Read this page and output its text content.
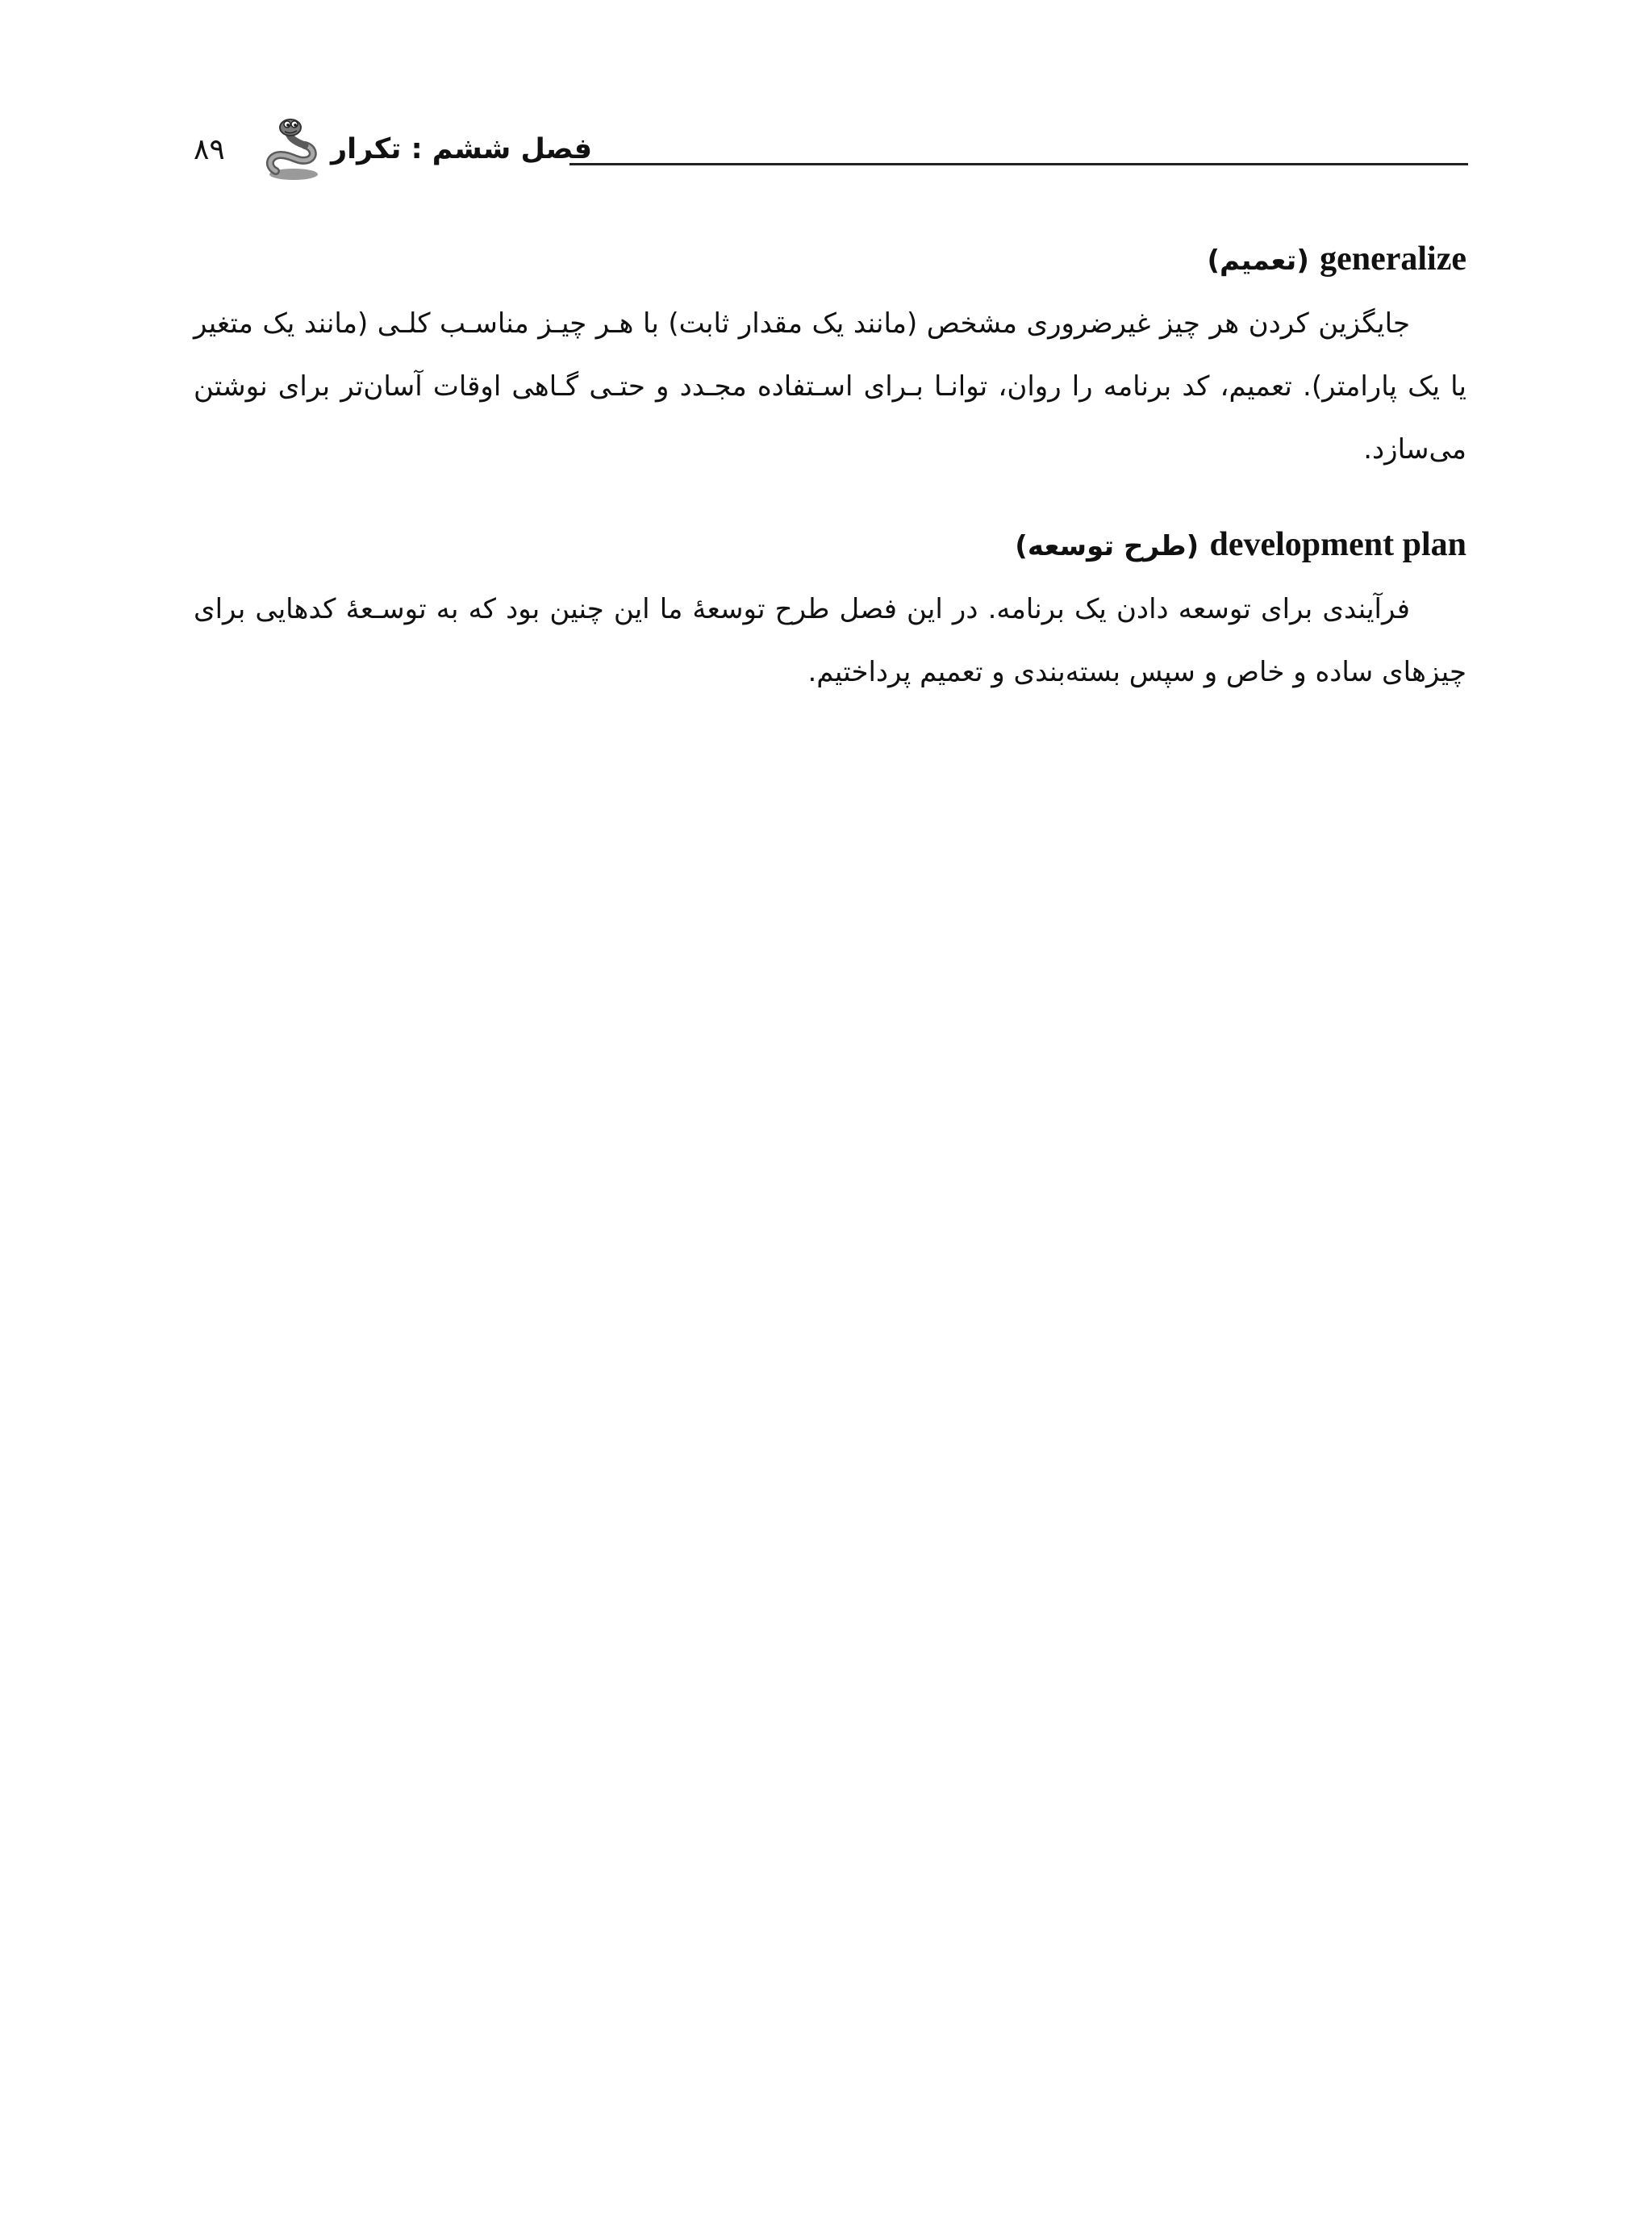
۸۹	فصل ششم : تکرار
generalize (تعمیم)

جایگزین کردن هر چیز غیرضروری مشخص (مانند یک مقدار ثابت) با هـر چیـز مناسـب کلـی (مانند یک متغیر یا یک پارامتر). تعمیم، کد برنامه را روان، توانـا بـرای اسـتفاده مجـدد و حتـی گـاهی اوقات آسان‌تر برای نوشتن می‌سازد.

development plan (طرح توسعه)

فرآیندی برای توسعه دادن یک برنامه. در این فصل طرح توسعهٔ ما این چنین بود که به توسـعهٔ کدهایی برای چیزهای ساده و خاص و سپس بسته‌بندی و تعمیم پرداختیم.
